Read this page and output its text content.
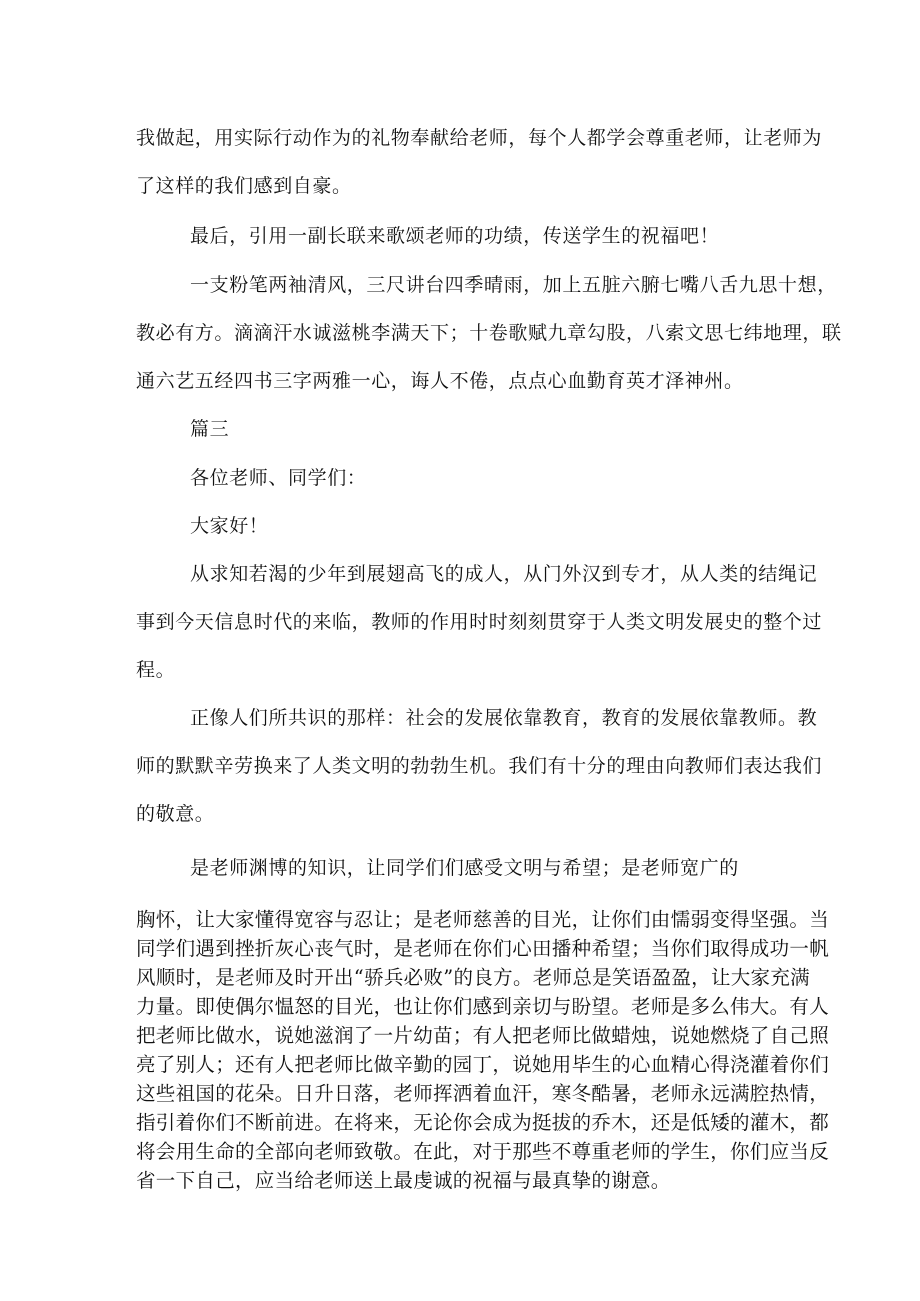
我做起，用实际行动作为的礼物奉献给老师，每个人都学会尊重老师，让老师为
了这样的我们感到自豪。
最后，引用一副长联来歌颂老师的功绩，传送学生的祝福吧！
一支粉笔两袖清风，三尺讲台四季晴雨，加上五脏六腑七嘴八舌九思十想，
教必有方。滴滴汗水诚滋桃李满天下；十卷歌赋九章勾股，八索文思七纬地理，联
通六艺五经四书三字两雅一心，诲人不倦，点点心血勤育英才泽神州。
篇三
各位老师、同学们：
大家好！
从求知若渴的少年到展翅高飞的成人，从门外汉到专才，从人类的结绳记
事到今天信息时代的来临，教师的作用时时刻刻贯穿于人类文明发展史的整个过
程。
正像人们所共识的那样：社会的发展依靠教育，教育的发展依靠教师。教
师的默默辛劳换来了人类文明的勃勃生机。我们有十分的理由向教师们表达我们
的敬意。
是老师渊博的知识，让同学们们感受文明与希望；是老师宽广的
胸怀，让大家懂得宽容与忍让；是老师慈善的目光，让你们由懦弱变得坚强。当
同学们遇到挫折灰心丧气时，是老师在你们心田播种希望；当你们取得成功一帆
风顺时，是老师及时开出“骄兵必败”的良方。老师总是笑语盈盈，让大家充满
力量。即使偶尔愠怒的目光，也让你们感到亲切与盼望。老师是多么伟大。有人
把老师比做水，说她滋润了一片幼苗；有人把老师比做蜡烛，说她燃烧了自己照
亮了别人；还有人把老师比做辛勤的园丁，说她用毕生的心血精心得浇灌着你们
这些祖国的花朵。日升日落，老师挥洒着血汗，寒冬酷暑，老师永远满腔热情，
指引着你们不断前进。在将来，无论你会成为挺拔的乔木，还是低矮的灌木，都
将会用生命的全部向老师致敬。在此，对于那些不尊重老师的学生，你们应当反
省一下自己，应当给老师送上最虔诚的祝福与最真挚的谢意。
